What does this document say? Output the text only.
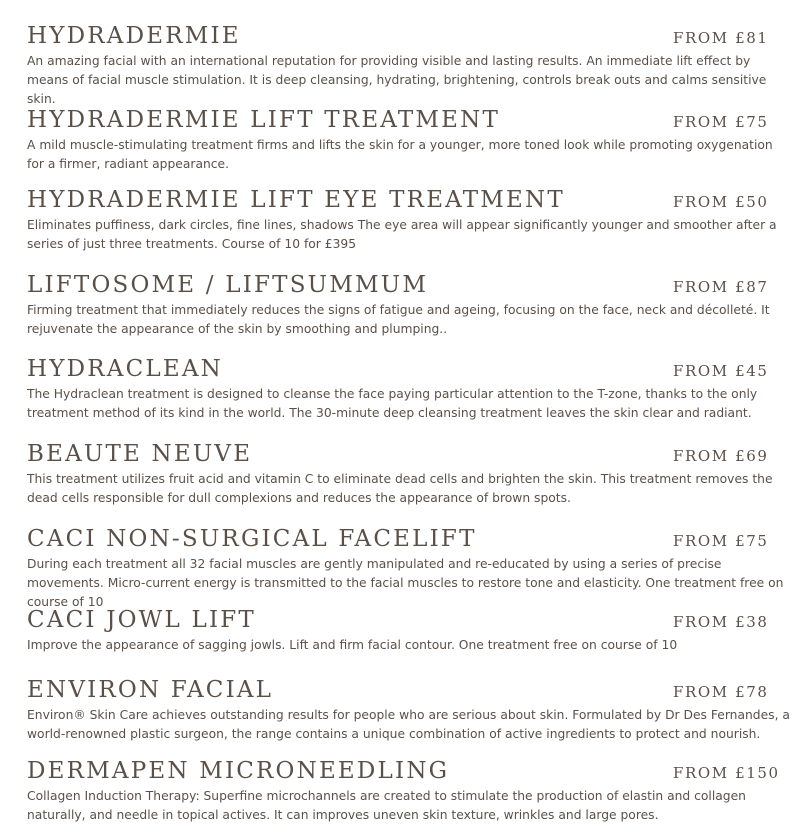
HYDRADERMIE	FROM £81

An amazing facial with an international reputation for providing visible and lasting results. An immediate lift effect by means of facial muscle stimulation. It is deep cleansing, hydrating, brightening, controls break outs and calms sensitive skin.

HYDRADERMIE LIFT TREATMENT	FROM £75

A mild muscle-stimulating treatment firms and lifts the skin for a younger, more toned look while promoting oxygenation for a firmer, radiant appearance.

HYDRADERMIE LIFT EYE TREATMENT	FROM £50

Eliminates puffiness, dark circles, fine lines, shadows The eye area will appear significantly younger and smoother after a series of just three treatments. Course of 10 for £395

LIFTOSOME / LIFTSUMMUM	FROM £87

Firming treatment that immediately reduces the signs of fatigue and ageing, focusing on the face, neck and décolleté. It rejuvenate the appearance of the skin by smoothing and plumping..

HYDRACLEAN	FROM £45

The Hydraclean treatment is designed to cleanse the face paying particular attention to the T-zone, thanks to the only treatment method of its kind in the world. The 30-minute deep cleansing treatment leaves the skin clear and radiant.

BEAUTE NEUVE	FROM £69

This treatment utilizes fruit acid and vitamin C to eliminate dead cells and brighten the skin. This treatment removes the dead cells responsible for dull complexions and reduces the appearance of brown spots.

CACI NON-SURGICAL FACELIFT	FROM £75

During each treatment all 32 facial muscles are gently manipulated and re-educated by using a series of precise movements. Micro-current energy is transmitted to the facial muscles to restore tone and elasticity. One treatment free on course of 10

CACI JOWL LIFT	FROM £38

Improve the appearance of sagging jowls. Lift and firm facial contour. One treatment free on course of 10

ENVIRON FACIAL	FROM £78

Environ® Skin Care achieves outstanding results for people who are serious about skin. Formulated by Dr Des Fernandes, a world-renowned plastic surgeon, the range contains a unique combination of active ingredients to protect and nourish.

DERMAPEN MICRONEEDLING	FROM £150

Collagen Induction Therapy: Superfine microchannels are created to stimulate the production of elastin and collagen naturally, and needle in topical actives. It can improves uneven skin texture, wrinkles and large pores.
